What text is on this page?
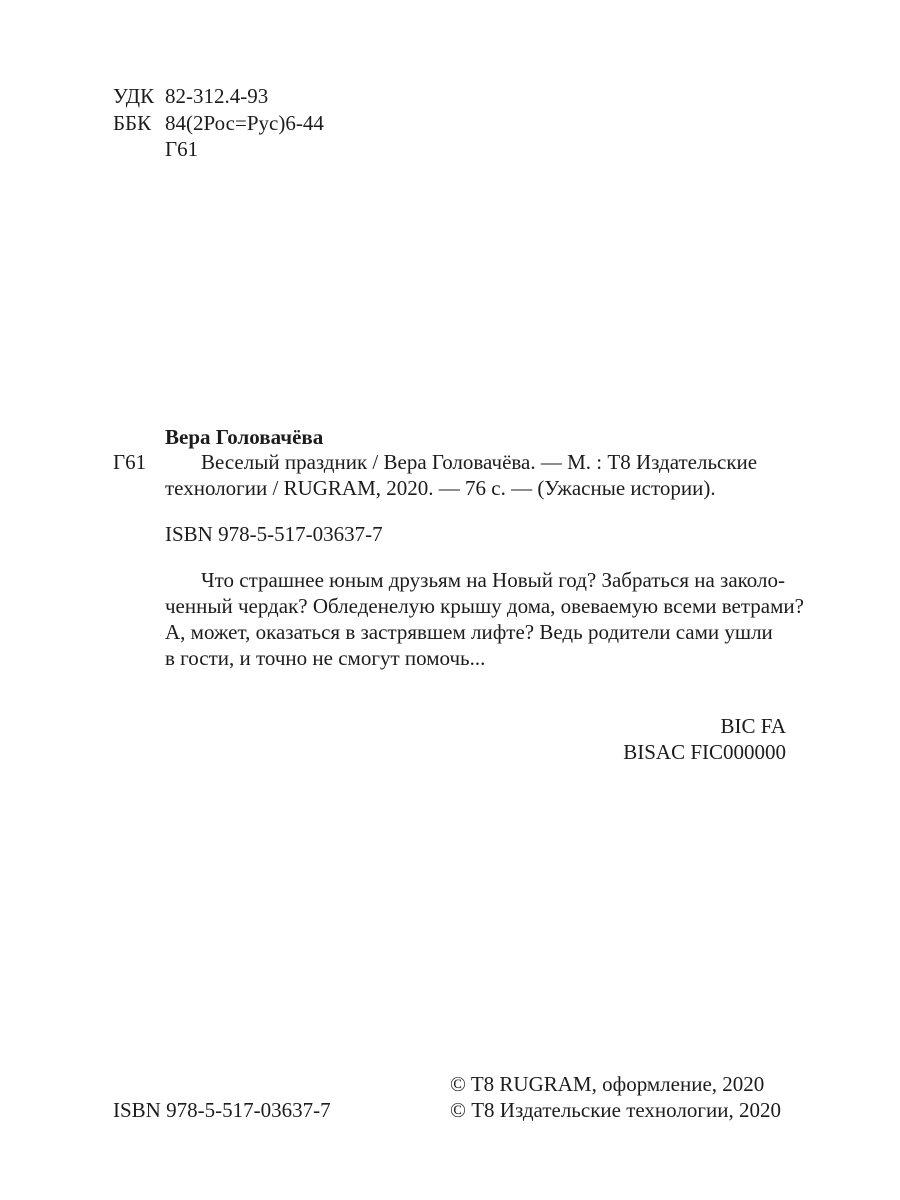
УДК 82-312.4-93
ББК 84(2Рос=Рус)6-44
Г61
Вера Головачёва
Г61	Веселый праздник / Вера Головачёва. — М. : Т8 Издательские
технологии / RUGRAM, 2020. — 76 с. — (Ужасные истории).
ISBN 978-5-517-03637-7
Что страшнее юным друзьям на Новый год? Забраться на заколо-
ченный чердак? Обледенелую крышу дома, овеваемую всеми ветрами?
А, может, оказаться в застрявшем лифте? Ведь родители сами ушли
в гости, и точно не смогут помочь...
BIC FA
BISAC FIC000000
ISBN 978-5-517-03637-7
© T8 RUGRAM, оформление, 2020
© Т8 Издательские технологии, 2020
